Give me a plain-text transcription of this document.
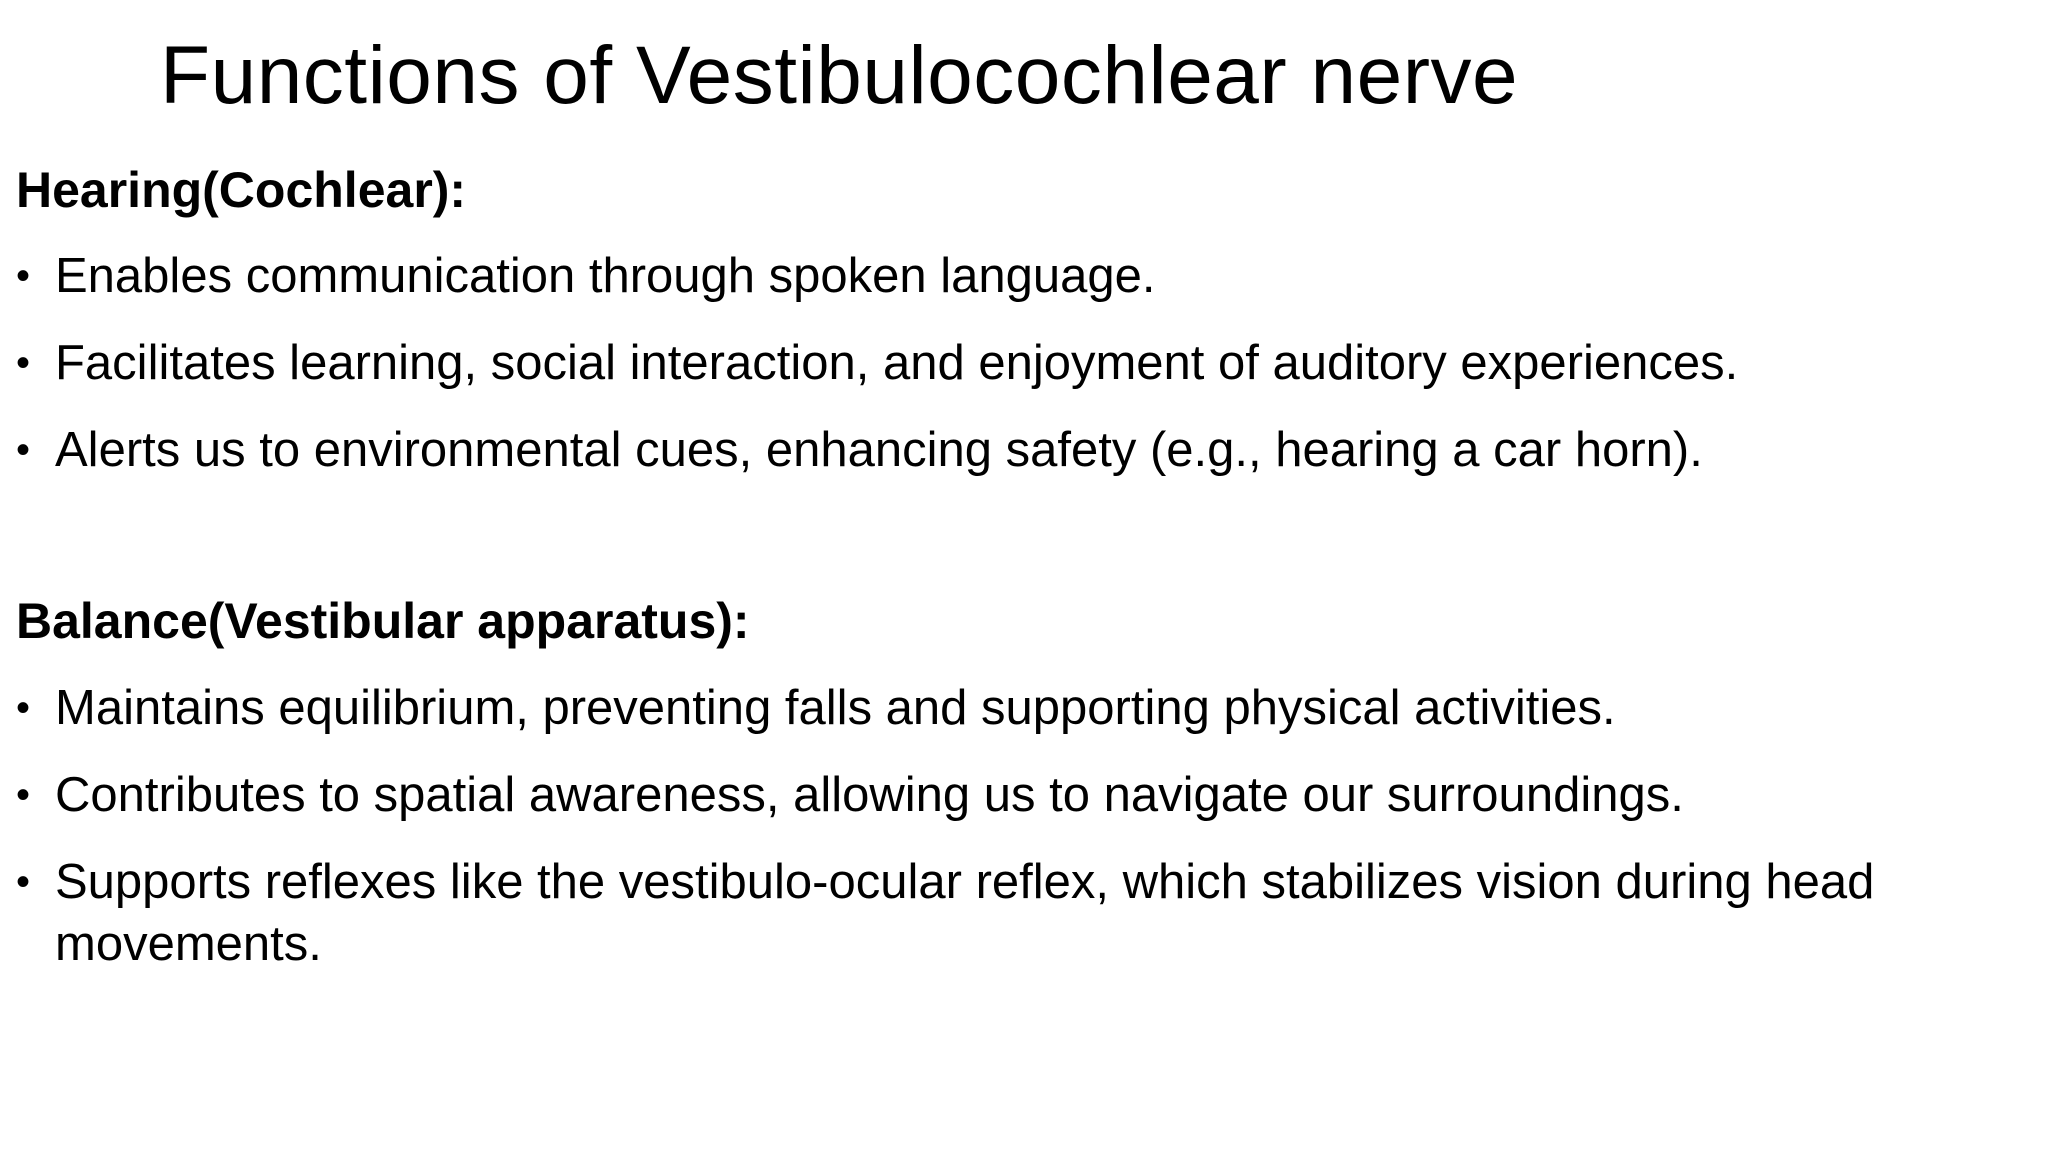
Functions of Vestibulocochlear nerve
Hearing(Cochlear):
• Enables communication through spoken language.
• Facilitates learning, social interaction, and enjoyment of auditory experiences.
• Alerts us to environmental cues, enhancing safety (e.g., hearing a car horn).
Balance(Vestibular apparatus):
• Maintains equilibrium, preventing falls and supporting physical activities.
• Contributes to spatial awareness, allowing us to navigate our surroundings.
• Supports reflexes like the vestibulo-ocular reflex, which stabilizes vision during head movements.
